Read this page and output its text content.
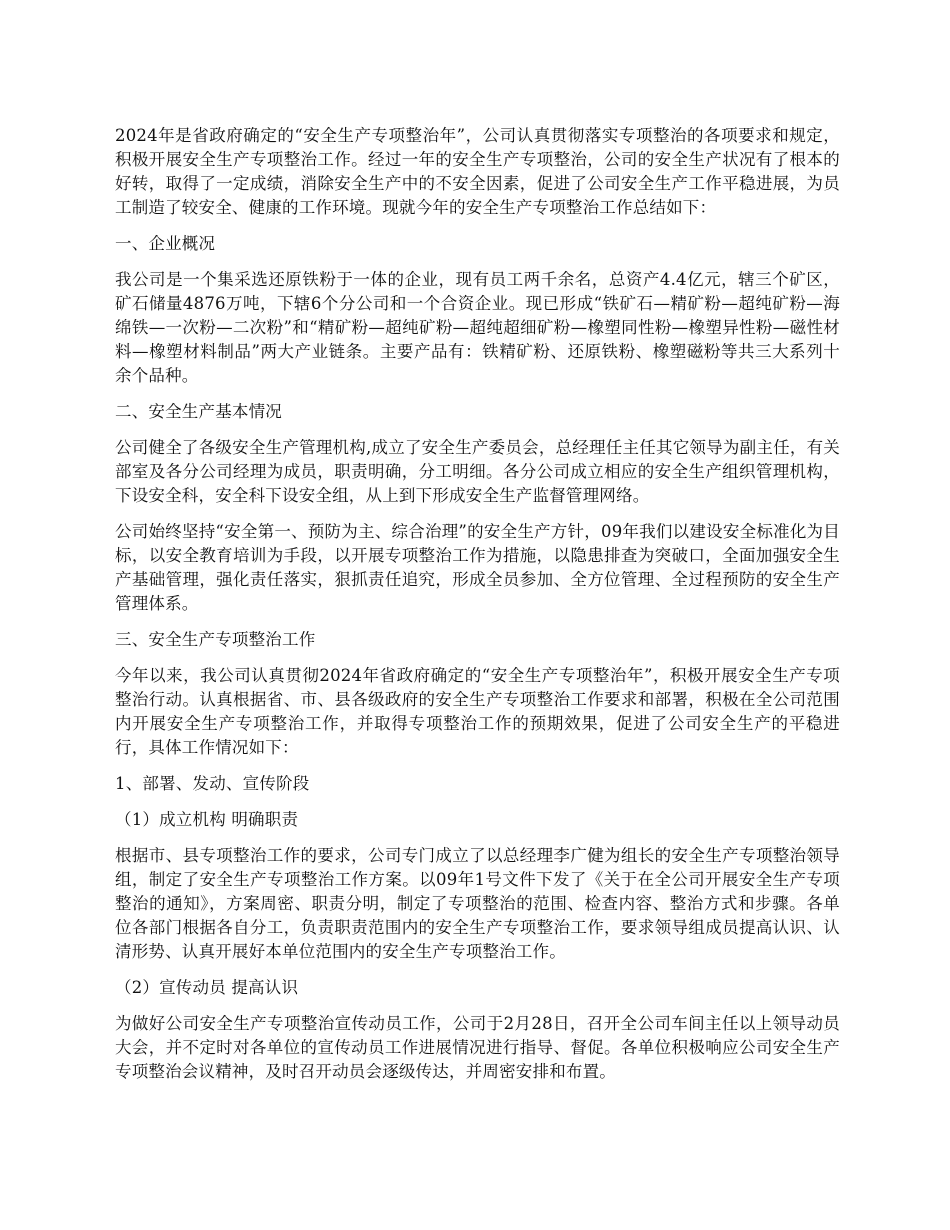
2024年是省政府确定的“安全生产专项整治年”，公司认真贯彻落实专项整治的各项要求和规定，积极开展安全生产专项整治工作。经过一年的安全生产专项整治，公司的安全生产状况有了根本的好转，取得了一定成绩，消除安全生产中的不安全因素，促进了公司安全生产工作平稳进展，为员工制造了较安全、健康的工作环境。现就今年的安全生产专项整治工作总结如下：

一、企业概况

我公司是一个集采选还原铁粉于一体的企业，现有员工两千余名，总资产4.4亿元，辖三个矿区，矿石储量4876万吨，下辖6个分公司和一个合资企业。现已形成“铁矿石—精矿粉—超纯矿粉—海绵铁—一次粉—二次粉”和“精矿粉—超纯矿粉—超纯超细矿粉—橡塑同性粉—橡塑异性粉—磁性材料—橡塑材料制品”两大产业链条。主要产品有：铁精矿粉、还原铁粉、橡塑磁粉等共三大系列十余个品种。

二、安全生产基本情况

公司健全了各级安全生产管理机构,成立了安全生产委员会，总经理任主任其它领导为副主任，有关部室及各分公司经理为成员，职责明确，分工明细。各分公司成立相应的安全生产组织管理机构，下设安全科，安全科下设安全组，从上到下形成安全生产监督管理网络。

公司始终坚持“安全第一、预防为主、综合治理”的安全生产方针，09年我们以建设安全标准化为目标，以安全教育培训为手段，以开展专项整治工作为措施，以隐患排查为突破口，全面加强安全生产基础管理，强化责任落实，狠抓责任追究，形成全员参加、全方位管理、全过程预防的安全生产管理体系。

三、安全生产专项整治工作

今年以来，我公司认真贯彻2024年省政府确定的“安全生产专项整治年”，积极开展安全生产专项整治行动。认真根据省、市、县各级政府的安全生产专项整治工作要求和部署，积极在全公司范围内开展安全生产专项整治工作，并取得专项整治工作的预期效果，促进了公司安全生产的平稳进行，具体工作情况如下：

1、部署、发动、宣传阶段

（1）成立机构 明确职责

根据市、县专项整治工作的要求，公司专门成立了以总经理李广健为组长的安全生产专项整治领导组，制定了安全生产专项整治工作方案。以09年1号文件下发了《关于在全公司开展安全生产专项整治的通知》，方案周密、职责分明，制定了专项整治的范围、检查内容、整治方式和步骤。各单位各部门根据各自分工，负责职责范围内的安全生产专项整治工作，要求领导组成员提高认识、认清形势、认真开展好本单位范围内的安全生产专项整治工作。

（2）宣传动员 提高认识

为做好公司安全生产专项整治宣传动员工作，公司于2月28日，召开全公司车间主任以上领导动员大会，并不定时对各单位的宣传动员工作进展情况进行指导、督促。各单位积极响应公司安全生产专项整治会议精神，及时召开动员会逐级传达，并周密安排和布置。
